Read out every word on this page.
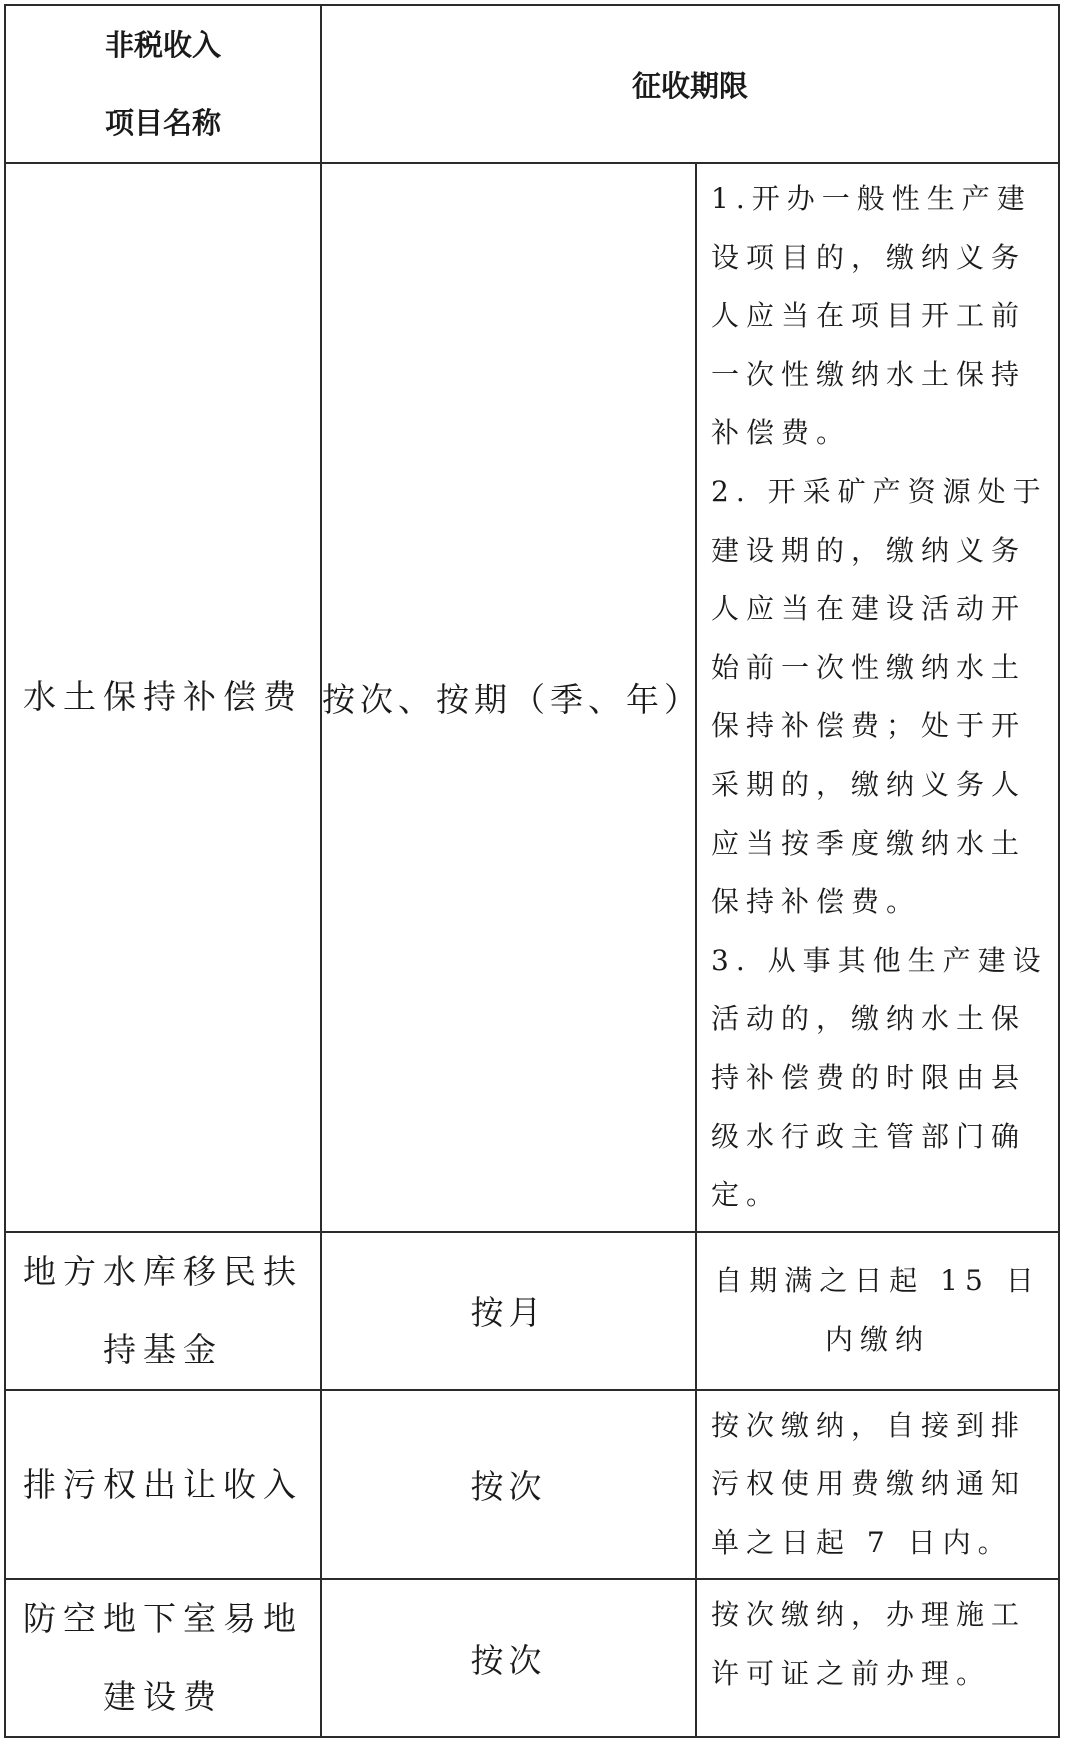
非税收入
项目名称	征收期限	
水土保持补偿费	按次、按期（季、年）	1.开办一般性生产建设项目的，缴纳义务人应当在项目开工前一次性缴纳水土保持补偿费。
2. 开采矿产资源处于建设期的，缴纳义务人应当在建设活动开始前一次性缴纳水土保持补偿费；处于开采期的，缴纳义务人应当按季度缴纳水土保持补偿费。
3. 从事其他生产建设活动的，缴纳水土保持补偿费的时限由县级水行政主管部门确定。

地方水库移民扶持基金	按月	自期满之日起 15 日内缴纳

排污权出让收入	按次	按次缴纳，自接到排污权使用费缴纳通知单之日起 7 日内。

防空地下室易地建设费	按次	按次缴纳，办理施工许可证之前办理。
